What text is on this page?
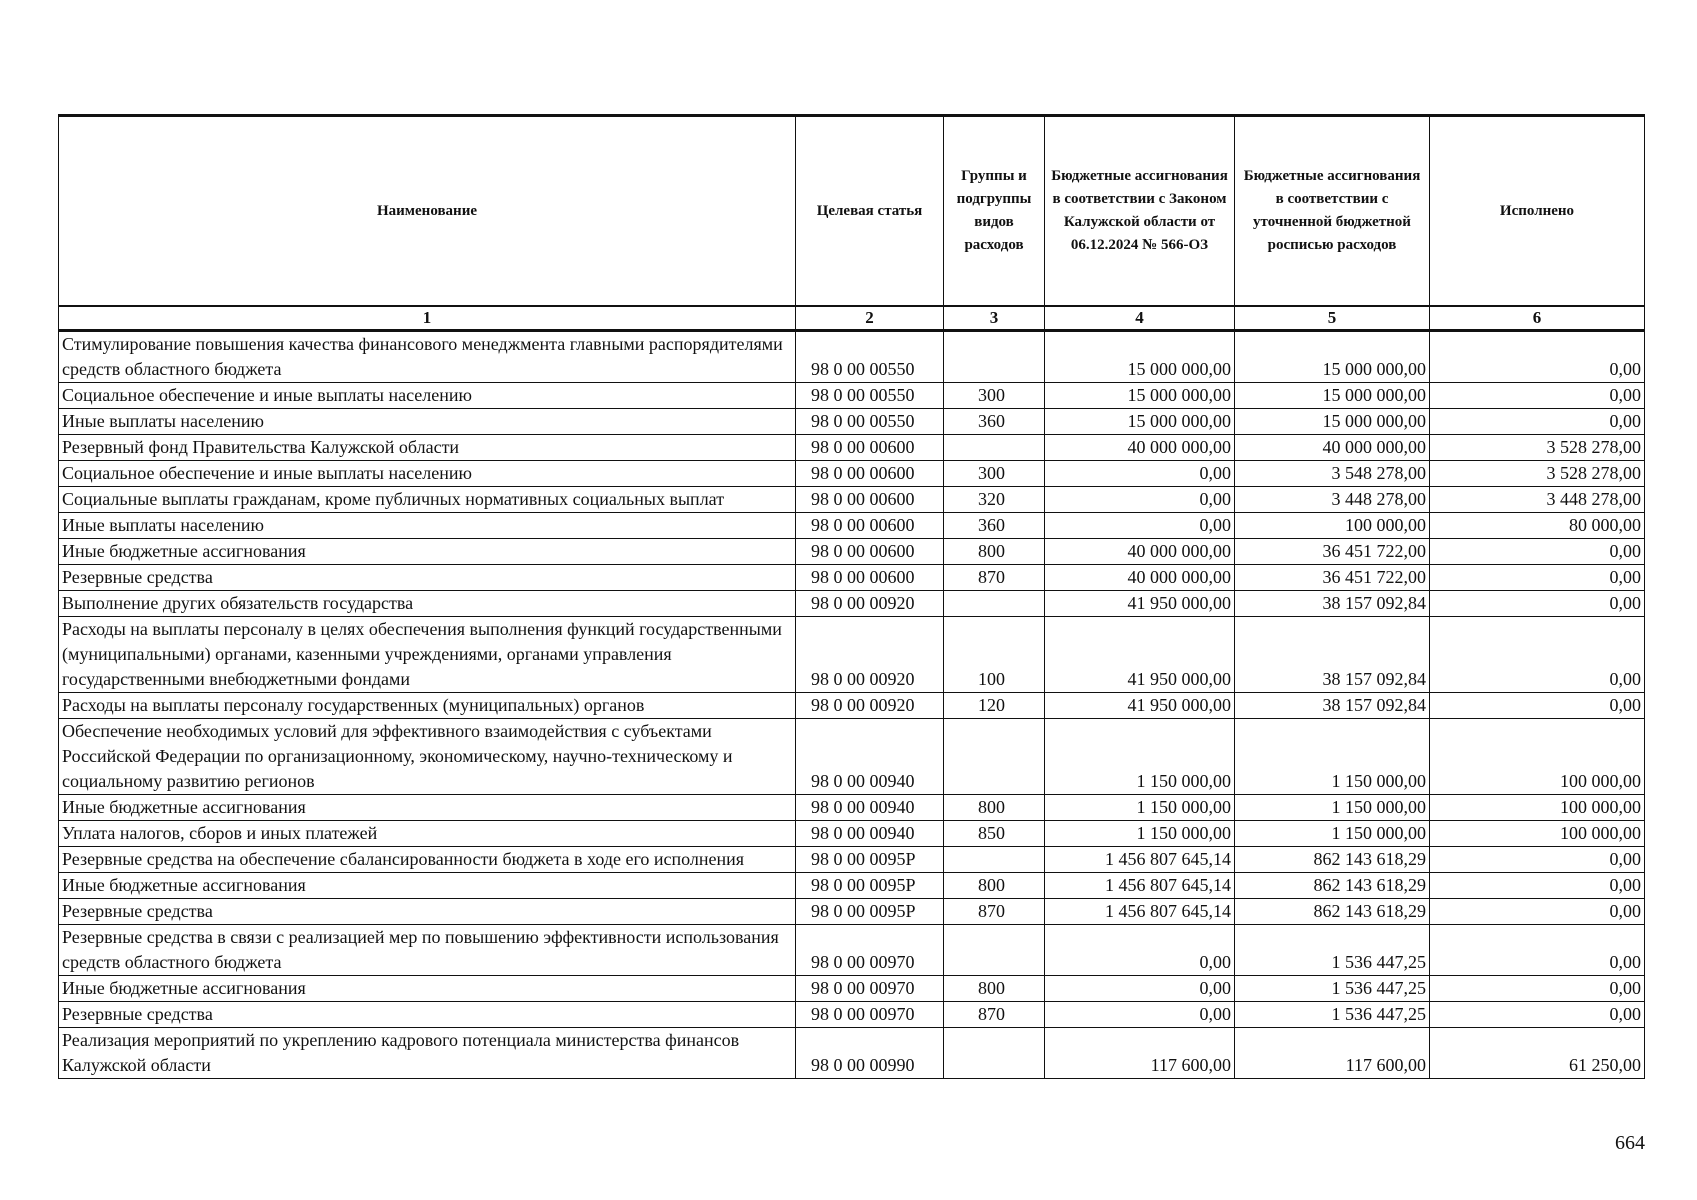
Наименование	Целевая статья	Группы и подгруппы видов расходов	Бюджетные ассигнования в соответствии с Законом Калужской области от 06.12.2024 № 566-ОЗ	Бюджетные ассигнования в соответствии с уточненной бюджетной росписью расходов	Исполнено
1	2	3	4	5	6
Стимулирование повышения качества финансового менеджмента главными распорядителями средств областного бюджета	98 0 00 00550		15 000 000,00	15 000 000,00	0,00
Социальное обеспечение и иные выплаты населению	98 0 00 00550	300	15 000 000,00	15 000 000,00	0,00
Иные выплаты населению	98 0 00 00550	360	15 000 000,00	15 000 000,00	0,00
Резервный фонд Правительства Калужской области	98 0 00 00600		40 000 000,00	40 000 000,00	3 528 278,00
Социальное обеспечение и иные выплаты населению	98 0 00 00600	300	0,00	3 548 278,00	3 528 278,00
Социальные выплаты гражданам, кроме публичных нормативных социальных выплат	98 0 00 00600	320	0,00	3 448 278,00	3 448 278,00
Иные выплаты населению	98 0 00 00600	360	0,00	100 000,00	80 000,00
Иные бюджетные ассигнования	98 0 00 00600	800	40 000 000,00	36 451 722,00	0,00
Резервные средства	98 0 00 00600	870	40 000 000,00	36 451 722,00	0,00
Выполнение других обязательств государства	98 0 00 00920		41 950 000,00	38 157 092,84	0,00
Расходы на выплаты персоналу в целях обеспечения выполнения функций государственными (муниципальными) органами, казенными учреждениями, органами управления государственными внебюджетными фондами	98 0 00 00920	100	41 950 000,00	38 157 092,84	0,00
Расходы на выплаты персоналу государственных (муниципальных) органов	98 0 00 00920	120	41 950 000,00	38 157 092,84	0,00
Обеспечение необходимых условий для эффективного взаимодействия с субъектами Российской Федерации по организационному, экономическому, научно-техническому и социальному развитию регионов	98 0 00 00940		1 150 000,00	1 150 000,00	100 000,00
Иные бюджетные ассигнования	98 0 00 00940	800	1 150 000,00	1 150 000,00	100 000,00
Уплата налогов, сборов и иных платежей	98 0 00 00940	850	1 150 000,00	1 150 000,00	100 000,00
Резервные средства на обеспечение сбалансированности бюджета в ходе его исполнения	98 0 00 0095Р		1 456 807 645,14	862 143 618,29	0,00
Иные бюджетные ассигнования	98 0 00 0095Р	800	1 456 807 645,14	862 143 618,29	0,00
Резервные средства	98 0 00 0095Р	870	1 456 807 645,14	862 143 618,29	0,00
Резервные средства в связи с реализацией мер по повышению эффективности использования средств областного бюджета	98 0 00 00970		0,00	1 536 447,25	0,00
Иные бюджетные ассигнования	98 0 00 00970	800	0,00	1 536 447,25	0,00
Резервные средства	98 0 00 00970	870	0,00	1 536 447,25	0,00
Реализация мероприятий по укреплению кадрового потенциала министерства финансов Калужской области	98 0 00 00990		117 600,00	117 600,00	61 250,00
664
